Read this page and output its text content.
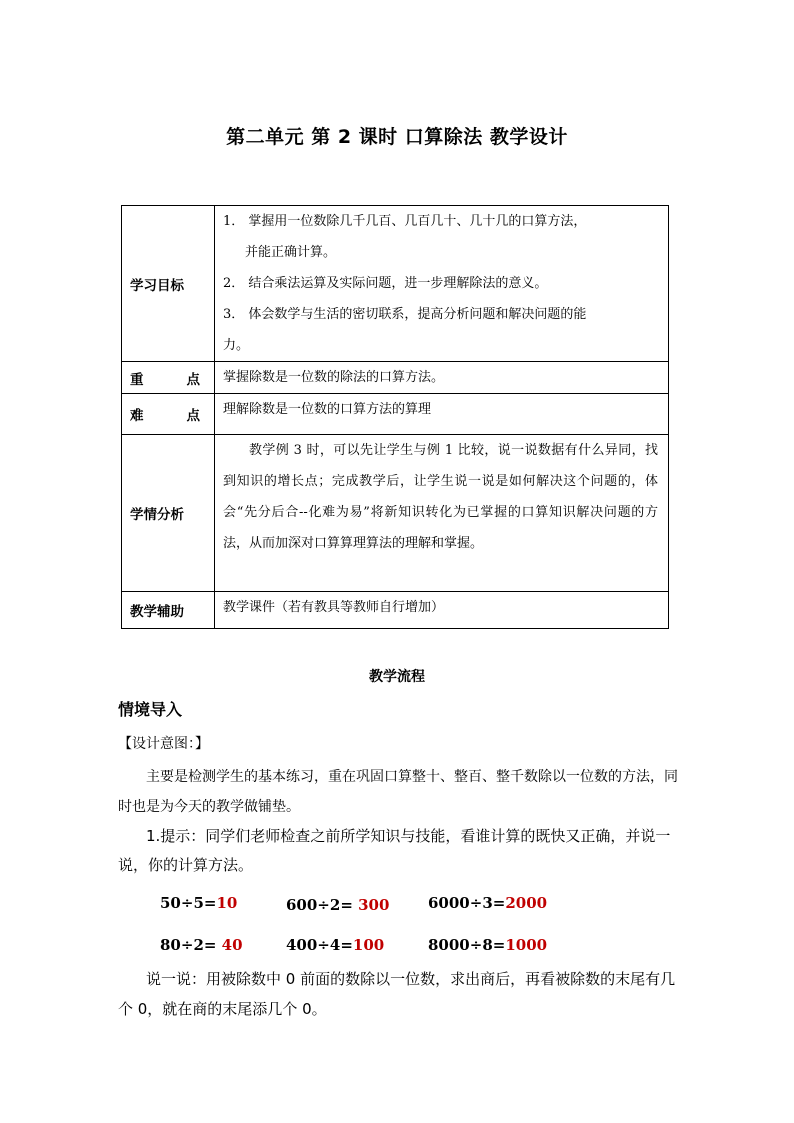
第二单元 第 2 课时 口算除法 教学设计
学习目标	1． 掌握用一位数除几千几百、几百几十、几十几的口算方法，
并能正确计算。
2． 结合乘法运算及实际问题，进一步理解除法的意义。
3． 体会数学与生活的密切联系，提高分析问题和解决问题的能
力。

重 点	掌握除数是一位数的除法的口算方法。

难 点	理解除数是一位数的口算方法的算理
学情分析	教学例 3 时，可以先让学生与例 1 比较，说一说数据有什么异同，找到知识的增长点；完成教学后，让学生说一说是如何解决这个问题的，体会“先分后合--化难为易”将新知识转化为已掌握的口算知识解决问题的方法，从而加深对口算算理算法的理解和掌握。
教学辅助	教学课件（若有教具等教师自行增加）
教学流程
情境导入
【设计意图：】
主要是检测学生的基本练习，重在巩固口算整十、整百、整千数除以一位数的方法，同时也是为今天的教学做铺垫。
1.提示：同学们老师检查之前所学知识与技能，看谁计算的既快又正确，并说一说，你的计算方法。
50÷5=10	600÷2= 300	6000÷3=2000
80÷2= 40	400÷4=100	8000÷8=1000
说一说：用被除数中 0 前面的数除以一位数，求出商后，再看被除数的末尾有几个 0，就在商的末尾添几个 0。
